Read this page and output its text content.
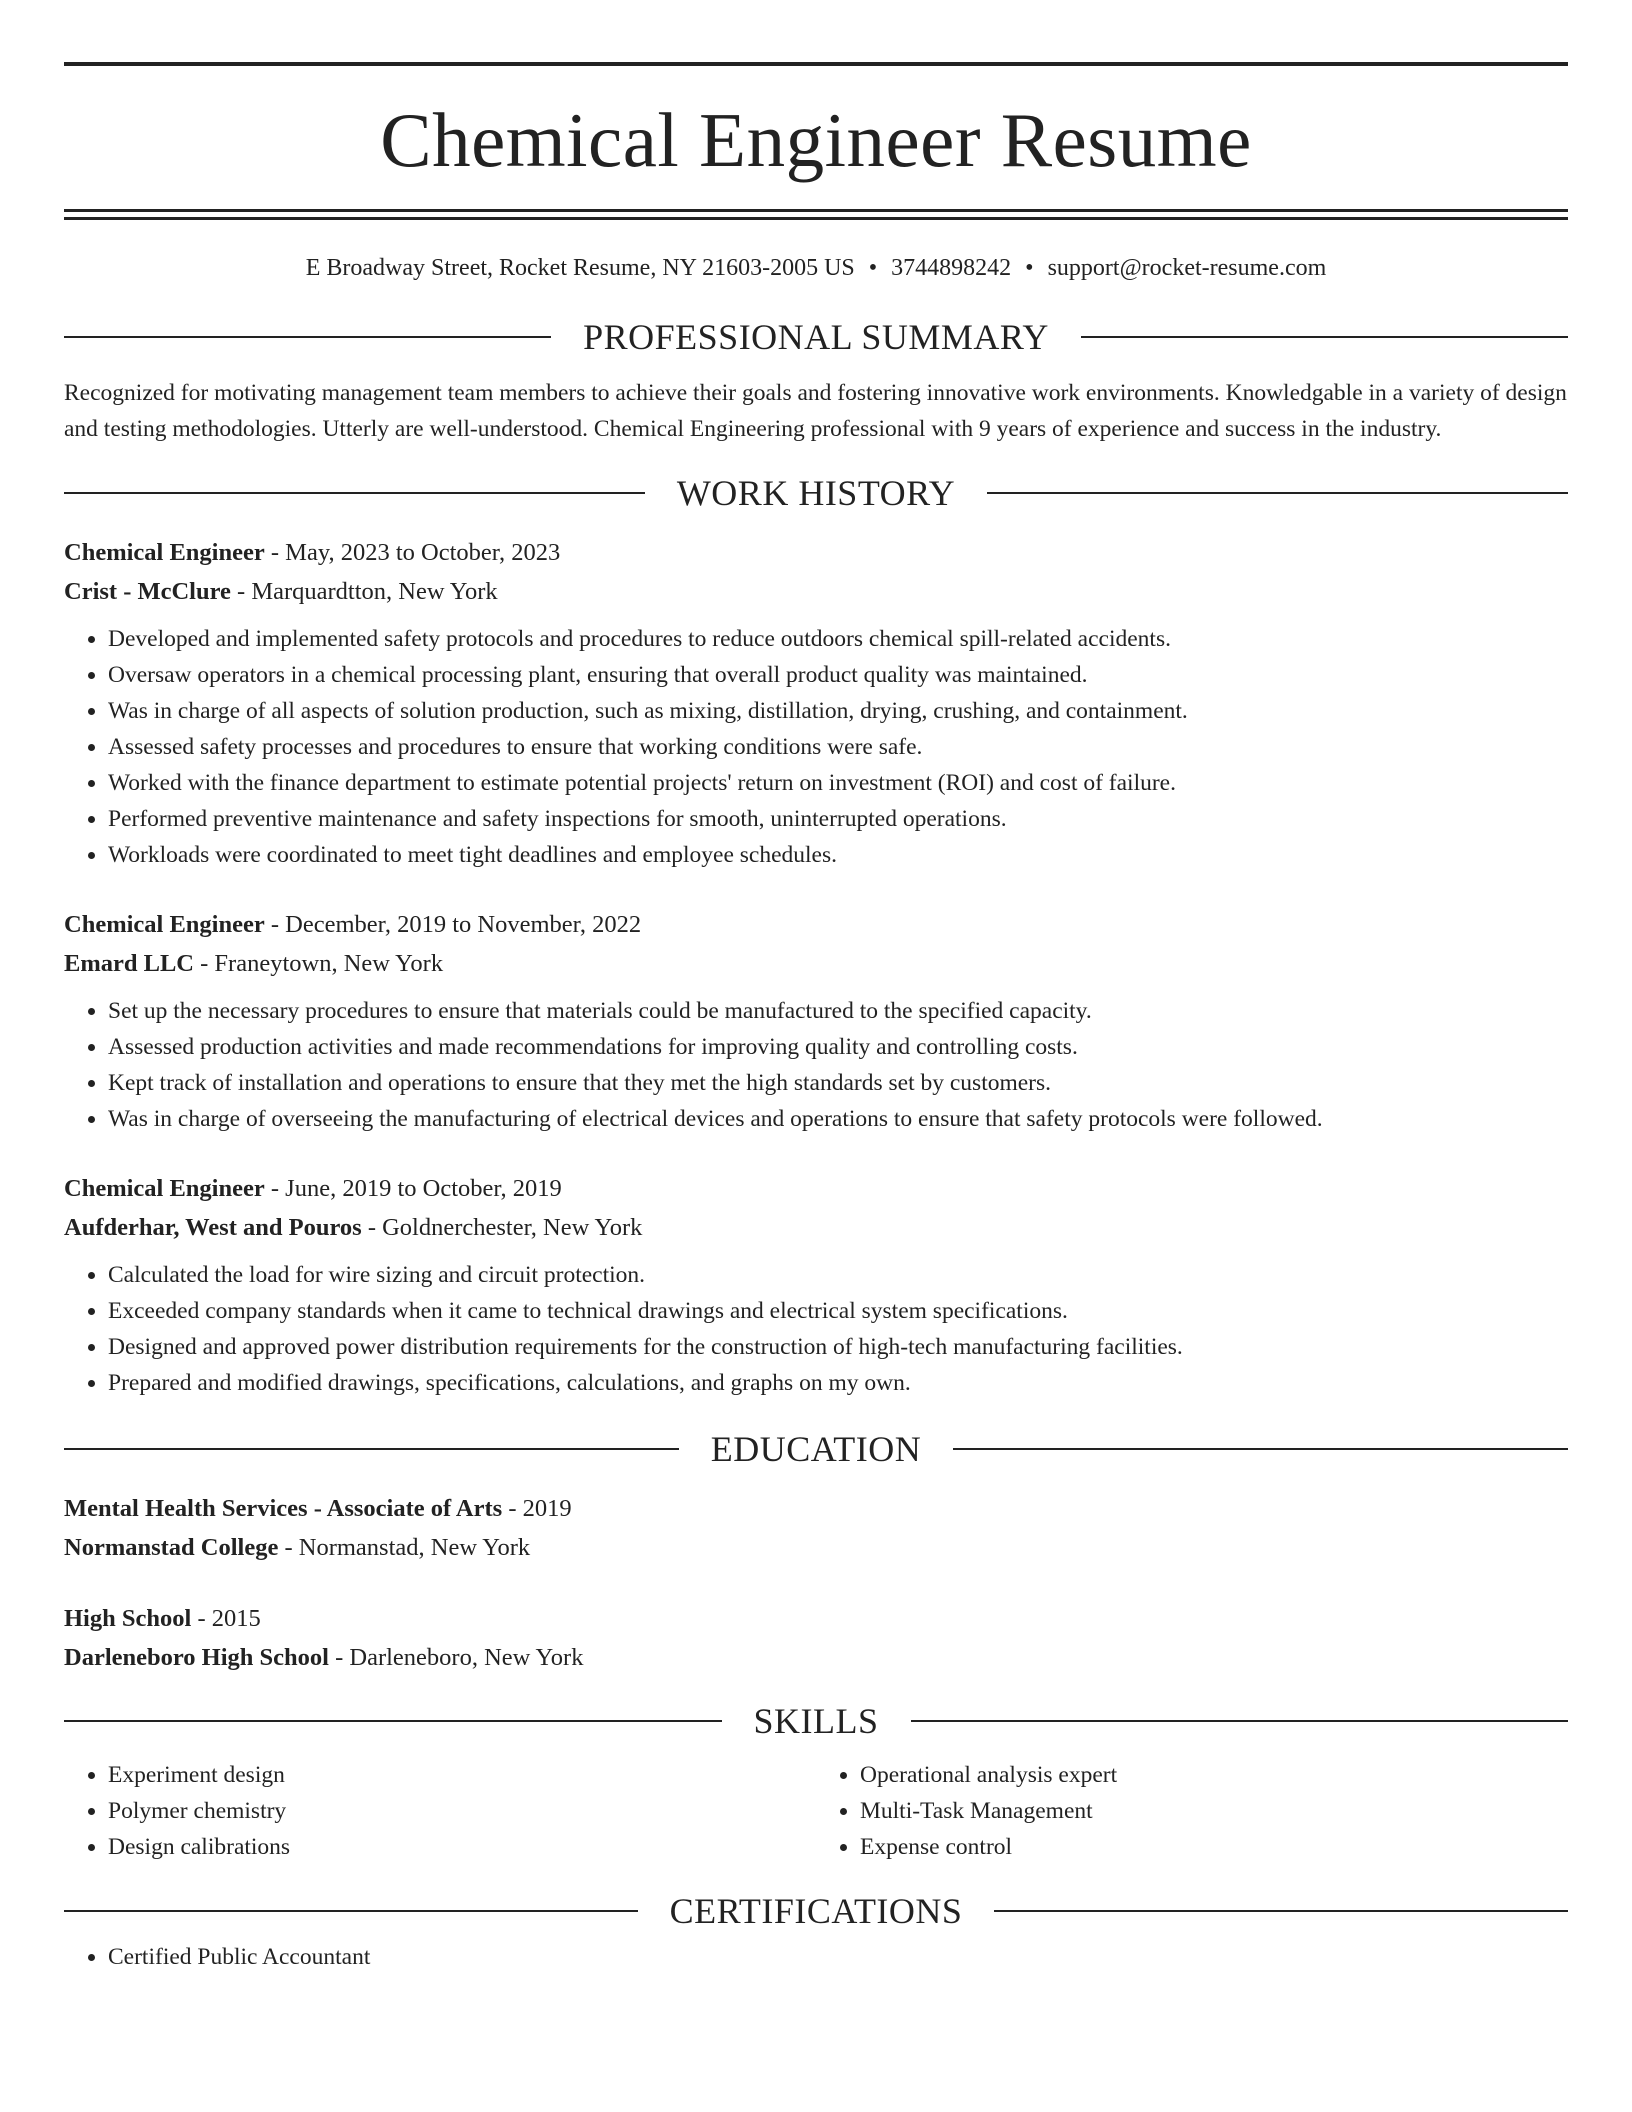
Chemical Engineer Resume
E Broadway Street, Rocket Resume, NY 21603-2005 US • 3744898242 • support@rocket-resume.com
PROFESSIONAL SUMMARY
Recognized for motivating management team members to achieve their goals and fostering innovative work environments. Knowledgable in a variety of design and testing methodologies. Utterly are well-understood. Chemical Engineering professional with 9 years of experience and success in the industry.
WORK HISTORY
Chemical Engineer - May, 2023 to October, 2023
Crist - McClure - Marquardtton, New York
• Developed and implemented safety protocols and procedures to reduce outdoors chemical spill-related accidents.
• Oversaw operators in a chemical processing plant, ensuring that overall product quality was maintained.
• Was in charge of all aspects of solution production, such as mixing, distillation, drying, crushing, and containment.
• Assessed safety processes and procedures to ensure that working conditions were safe.
• Worked with the finance department to estimate potential projects' return on investment (ROI) and cost of failure.
• Performed preventive maintenance and safety inspections for smooth, uninterrupted operations.
• Workloads were coordinated to meet tight deadlines and employee schedules.
Chemical Engineer - December, 2019 to November, 2022
Emard LLC - Franeytown, New York
• Set up the necessary procedures to ensure that materials could be manufactured to the specified capacity.
• Assessed production activities and made recommendations for improving quality and controlling costs.
• Kept track of installation and operations to ensure that they met the high standards set by customers.
• Was in charge of overseeing the manufacturing of electrical devices and operations to ensure that safety protocols were followed.
Chemical Engineer - June, 2019 to October, 2019
Aufderhar, West and Pouros - Goldnerchester, New York
• Calculated the load for wire sizing and circuit protection.
• Exceeded company standards when it came to technical drawings and electrical system specifications.
• Designed and approved power distribution requirements for the construction of high-tech manufacturing facilities.
• Prepared and modified drawings, specifications, calculations, and graphs on my own.
EDUCATION
Mental Health Services - Associate of Arts - 2019
Normanstad College - Normanstad, New York
High School - 2015
Darleneboro High School - Darleneboro, New York
SKILLS
• Experiment design
• Polymer chemistry
• Design calibrations
• Operational analysis expert
• Multi-Task Management
• Expense control
CERTIFICATIONS
• Certified Public Accountant
